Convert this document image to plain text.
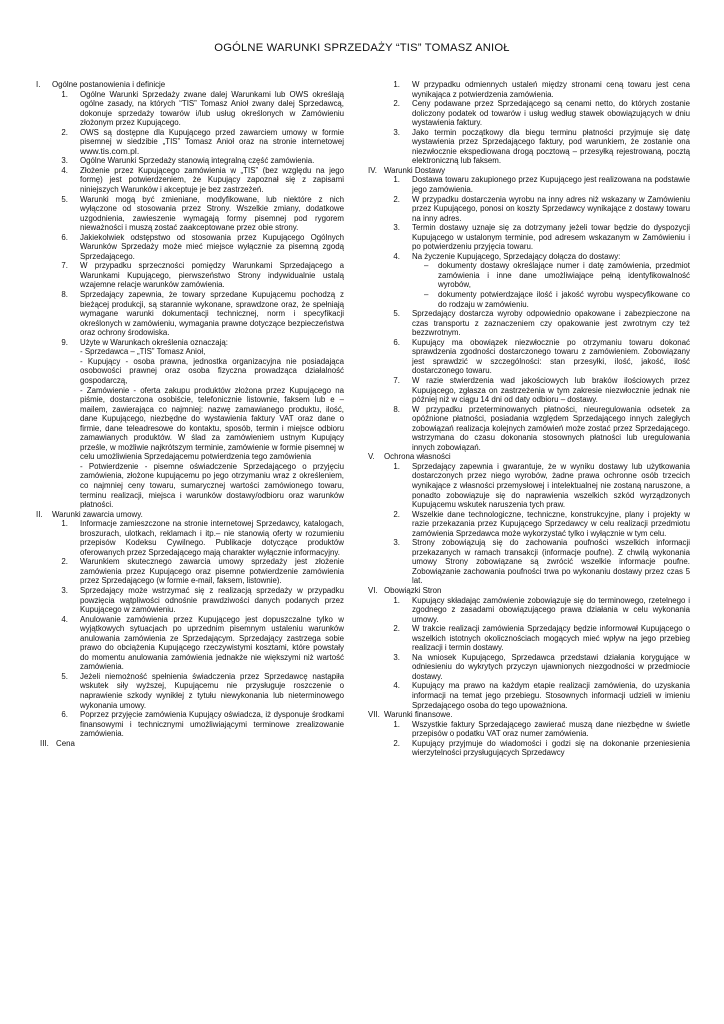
OGÓLNE WARUNKI SPRZEDAŻY “TIS” TOMASZ ANIOŁ
I. Ogólne postanowienia i definicje
1. Ogólne Warunki Sprzedaży zwane dalej Warunkami lub OWS określają ogólne zasady, na których “TIS” Tomasz Anioł zwany dalej Sprzedawcą, dokonuje sprzedaży towarów i/lub usług określonych w Zamówieniu złożonym przez Kupującego.
2. OWS są dostępne dla Kupującego przed zawarciem umowy w formie pisemnej w siedzibie „TIS” Tomasz Anioł oraz na stronie internetowej www.tis.com.pl.
3. Ogólne Warunki Sprzedaży stanowią integralną część zamówienia.
4. Złożenie przez Kupującego zamówienia w „TIS” (bez względu na jego formę) jest potwierdzeniem, że Kupujący zapoznał się z zapisami niniejszych Warunków i akceptuje je bez zastrzeżeń.
5. Warunki mogą być zmieniane, modyfikowane, lub niektóre z nich wyłączone od stosowania przez Strony. Wszelkie zmiany, dodatkowe uzgodnienia, zawieszenie wymagają formy pisemnej pod rygorem nieważności i muszą zostać zaakceptowane przez obie strony.
6. Jakiekolwiek odstępstwo od stosowania przez Kupującego Ogólnych Warunków Sprzedaży może mieć miejsce wyłącznie za pisemną zgodą Sprzedającego.
7. W przypadku sprzeczności pomiędzy Warunkami Sprzedającego a Warunkami Kupującego, pierwszeństwo Strony indywidualnie ustalą wzajemne relacje warunków zamówienia.
8. Sprzedający zapewnia, że towary sprzedane Kupującemu pochodzą z bieżącej produkcji, są starannie wykonane, sprawdzone oraz, że spełniają wymagane warunki dokumentacji technicznej, norm i specyfikacji określonych w zamówieniu, wymagania prawne dotyczące bezpieczeństwa oraz ochrony środowiska.
9. Użyte w Warunkach określenia oznaczają:
- Sprzedawca – „TIS” Tomasz Anioł,
- Kupujący - osoba prawna, jednostka organizacyjna nie posiadająca osobowości prawnej oraz osoba fizyczna prowadząca działalność gospodarczą,
- Zamówienie - oferta zakupu produktów złożona przez Kupującego na piśmie, dostarczona osobiście, telefonicznie listownie, faksem lub e – mailem, zawierająca co najmniej: nazwę zamawianego produktu, ilość, dane Kupującego, niezbędne do wystawienia faktury VAT oraz dane o firmie, dane teleadresowe do kontaktu, sposób, termin i miejsce odbioru zamawianych produktów. W ślad za zamówieniem ustnym Kupujący prześle, w możliwie najkrótszym terminie, zamówienie w formie pisemnej w celu umożliwienia Sprzedającemu potwierdzenia tego zamówienia
- Potwierdzenie - pisemne oświadczenie Sprzedającego o przyjęciu zamówienia, złożone kupującemu po jego otrzymaniu wraz z określeniem, co najmniej ceny towaru, sumarycznej wartości zamówionego towaru, terminu realizacji, miejsca i warunków dostawy/odbioru oraz warunków płatności.
II. Warunki zawarcia umowy.
1. Informacje zamieszczone na stronie internetowej Sprzedawcy, katalogach, broszurach, ulotkach, reklamach i itp.– nie stanowią oferty w rozumieniu przepisów Kodeksu Cywilnego. Publikacje dotyczące produktów oferowanych przez Sprzedającego mają charakter wyłącznie informacyjny.
2. Warunkiem skutecznego zawarcia umowy sprzedaży jest złożenie zamówienia przez Kupującego oraz pisemne potwierdzenie zamówienia przez Sprzedającego (w formie e-mail, faksem, listownie).
3. Sprzedający może wstrzymać się z realizacją sprzedaży w przypadku powzięcia wątpliwości odnośnie prawdziwości danych podanych przez Kupującego w zamówieniu.
4. Anulowanie zamówienia przez Kupującego jest dopuszczalne tylko w wyjątkowych sytuacjach po uprzednim pisemnym ustaleniu warunków anulowania zamówienia ze Sprzedającym. Sprzedający zastrzega sobie prawo do obciążenia Kupującego rzeczywistymi kosztami, które powstały do momentu anulowania zamówienia jednakże nie większymi niż wartość zamówienia.
5. Jeżeli niemożność spełnienia świadczenia przez Sprzedawcę nastąpiła wskutek siły wyższej, Kupującemu nie przysługuje roszczenie o naprawienie szkody wynikłej z tytułu niewykonania lub nieterminowego wykonania umowy.
6. Poprzez przyjęcie zamówienia Kupujący oświadcza, iż dysponuje środkami finansowymi i technicznymi umożliwiającymi terminowe zrealizowanie zamówienia.
III. Cena
1. W przypadku odmiennych ustaleń między stronami ceną towaru jest cena wynikająca z potwierdzenia zamówienia.
2. Ceny podawane przez Sprzedającego są cenami netto, do których zostanie doliczony podatek od towarów i usług według stawek obowiązujących w dniu wystawienia faktury.
3. Jako termin początkowy dla biegu terminu płatności przyjmuje się datę wystawienia przez Sprzedającego faktury, pod warunkiem, że zostanie ona niezwłocznie ekspediowana drogą pocztową – przesyłką rejestrowaną, pocztą elektroniczną lub faksem.
IV. Warunki Dostawy
1. Dostawa towaru zakupionego przez Kupującego jest realizowana na podstawie jego zamówienia.
2. W przypadku dostarczenia wyrobu na inny adres niż wskazany w Zamówieniu przez Kupującego, ponosi on koszty Sprzedawcy wynikające z dostawy towaru na inny adres.
3. Termin dostawy uznaje się za dotrzymany jeżeli towar będzie do dyspozycji Kupującego w ustalonym terminie, pod adresem wskazanym w Zamówieniu i po potwierdzeniu przyjęcia towaru.
4. Na życzenie Kupującego, Sprzedający dołącza do dostawy:
– dokumenty dostawy określające numer i datę zamówienia, przedmiot zamówienia i inne dane umożliwiające pełną identyfikowalność wyrobów,
– dokumenty potwierdzające ilość i jakość wyrobu wyspecyfikowane co do rodzaju w zamówieniu.
5. Sprzedający dostarcza wyroby odpowiednio opakowane i zabezpieczone na czas transportu z zaznaczeniem czy opakowanie jest zwrotnym czy też bezzwrotnym.
6. Kupujący ma obowiązek niezwłocznie po otrzymaniu towaru dokonać sprawdzenia zgodności dostarczonego towaru z zamówieniem. Zobowiązany jest sprawdzić w szczególności: stan przesyłki, ilość, jakość, ilość dostarczonego towaru.
7. W razie stwierdzenia wad jakościowych lub braków ilościowych przez Kupującego, zgłasza on zastrzeżenia w tym zakresie niezwłocznie jednak nie później niż w ciągu 14 dni od daty odbioru – dostawy.
8. W przypadku przeterminowanych płatności, nieuregulowania odsetek za opóźnione płatności, posiadania względem Sprzedającego innych zaległych zobowiązań realizacja kolejnych zamówień może zostać przez Sprzedającego. wstrzymana do czasu dokonania stosownych płatności lub uregulowania innych zobowiązań.
V. Ochrona własności
1. Sprzedający zapewnia i gwarantuje, że w wyniku dostawy lub użytkowania dostarczonych przez niego wyrobów, żadne prawa ochronne osób trzecich wynikające z własności przemysłowej i intelektualnej nie zostaną naruszone, a ponadto zobowiązuje się do naprawienia wszelkich szkód wyrządzonych Kupującemu wskutek naruszenia tych praw.
2. Wszelkie dane technologiczne, techniczne, konstrukcyjne, plany i projekty w razie przekazania przez Kupującego Sprzedawcy w celu realizacji przedmiotu zamówienia Sprzedawca może wykorzystać tylko i wyłącznie w tym celu.
3. Strony zobowiązują się do zachowania poufności wszelkich informacji przekazanych w ramach transakcji (informacje poufne). Z chwilą wykonania umowy Strony zobowiązane są zwrócić wszelkie informacje poufne. Zobowiązanie zachowania poufności trwa po wykonaniu dostawy przez czas 5 lat.
VI. Obowiązki Stron
1. Kupujący składając zamówienie zobowiązuje się do terminowego, rzetelnego i zgodnego z zasadami obowiązującego prawa działania w celu wykonania umowy.
2. W trakcie realizacji zamówienia Sprzedający będzie informował Kupującego o wszelkich istotnych okolicznościach mogących mieć wpływ na jego przebieg realizacji i termin dostawy.
3. Na wniosek Kupującego, Sprzedawca przedstawi działania korygujące w odniesieniu do wykrytych przyczyn ujawnionych niezgodności w przedmiocie dostawy.
4. Kupujący ma prawo na każdym etapie realizacji zamówienia, do uzyskania informacji na temat jego przebiegu. Stosownych informacji udzieli w imieniu Sprzedającego osoba do tego upoważniona.
VII. Warunki finansowe.
1. Wszystkie faktury Sprzedającego zawierać muszą dane niezbędne w świetle przepisów o podatku VAT oraz numer zamówienia.
2. Kupujący przyjmuje do wiadomości i godzi się na dokonanie przeniesienia wierzytelności przysługujących Sprzedawcy
